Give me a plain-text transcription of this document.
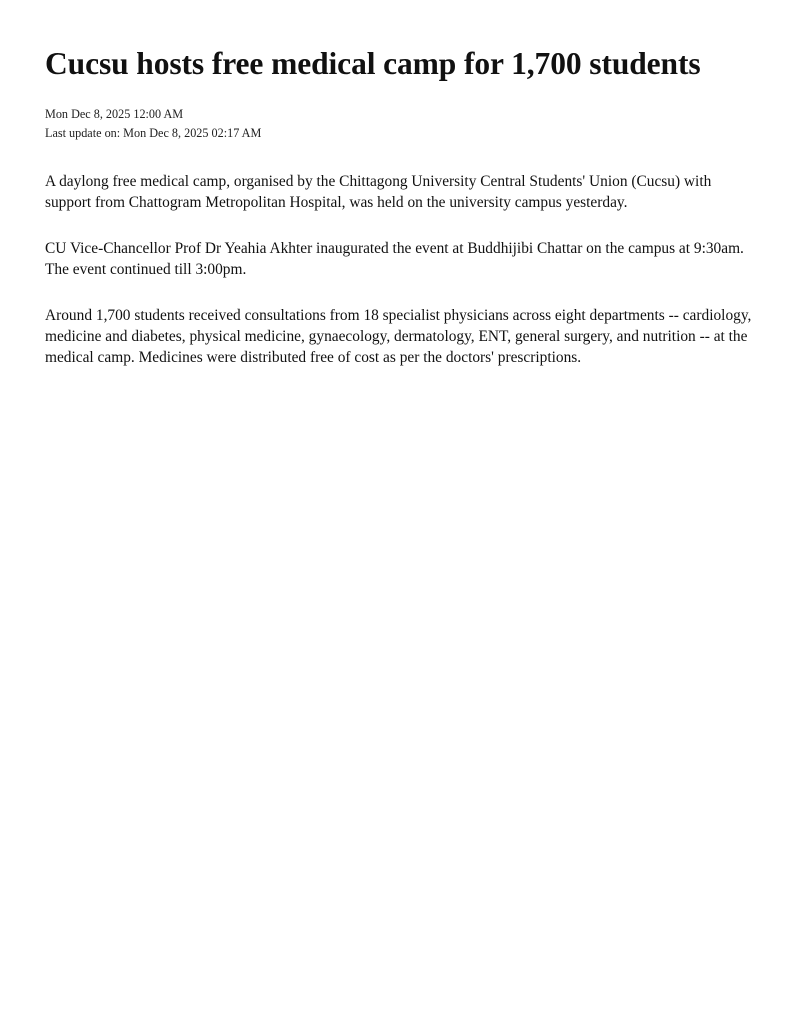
Cucsu hosts free medical camp for 1,700 students
Mon Dec 8, 2025 12:00 AM
Last update on: Mon Dec 8, 2025 02:17 AM

A daylong free medical camp, organised by the Chittagong University Central Students' Union (Cucsu) with support from Chattogram Metropolitan Hospital, was held on the university campus yesterday.

CU Vice-Chancellor Prof Dr Yeahia Akhter inaugurated the event at Buddhijibi Chattar on the campus at 9:30am. The event continued till 3:00pm.

Around 1,700 students received consultations from 18 specialist physicians across eight departments -- cardiology, medicine and diabetes, physical medicine, gynaecology, dermatology, ENT, general surgery, and nutrition -- at the medical camp. Medicines were distributed free of cost as per the doctors' prescriptions.
